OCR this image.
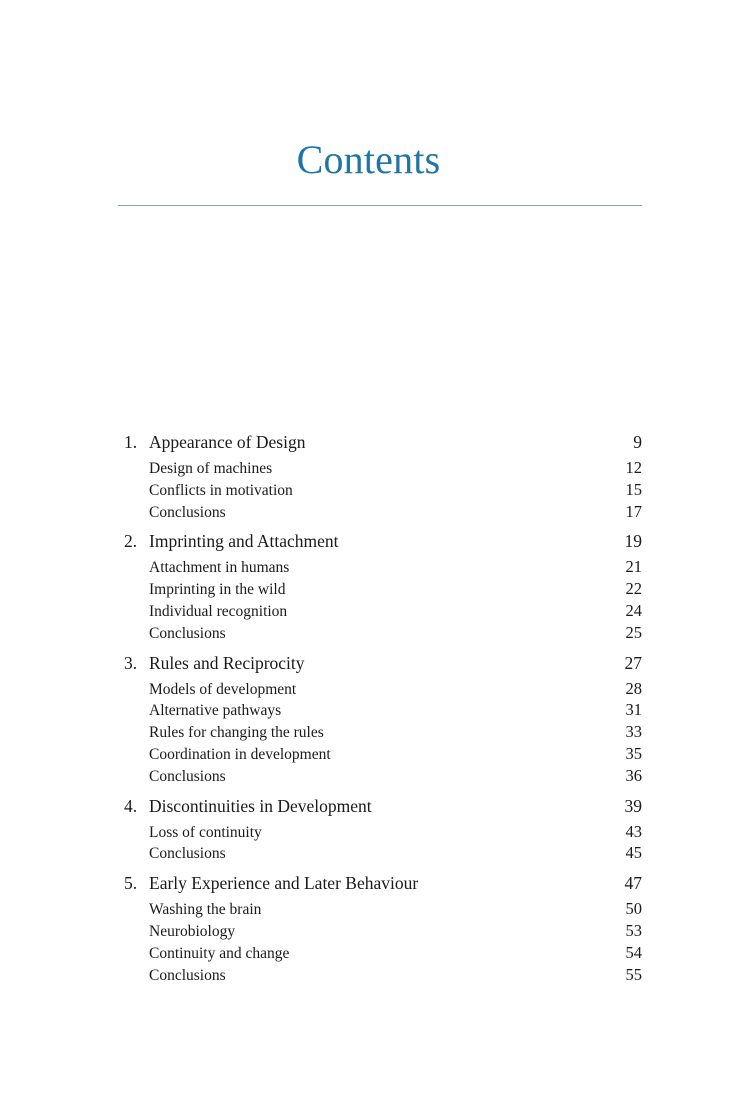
Contents
1. Appearance of Design	9
Design of machines	12
Conflicts in motivation	15
Conclusions	17
2. Imprinting and Attachment	19
Attachment in humans	21
Imprinting in the wild	22
Individual recognition	24
Conclusions	25
3. Rules and Reciprocity	27
Models of development	28
Alternative pathways	31
Rules for changing the rules	33
Coordination in development	35
Conclusions	36
4. Discontinuities in Development	39
Loss of continuity	43
Conclusions	45
5. Early Experience and Later Behaviour	47
Washing the brain	50
Neurobiology	53
Continuity and change	54
Conclusions	55
